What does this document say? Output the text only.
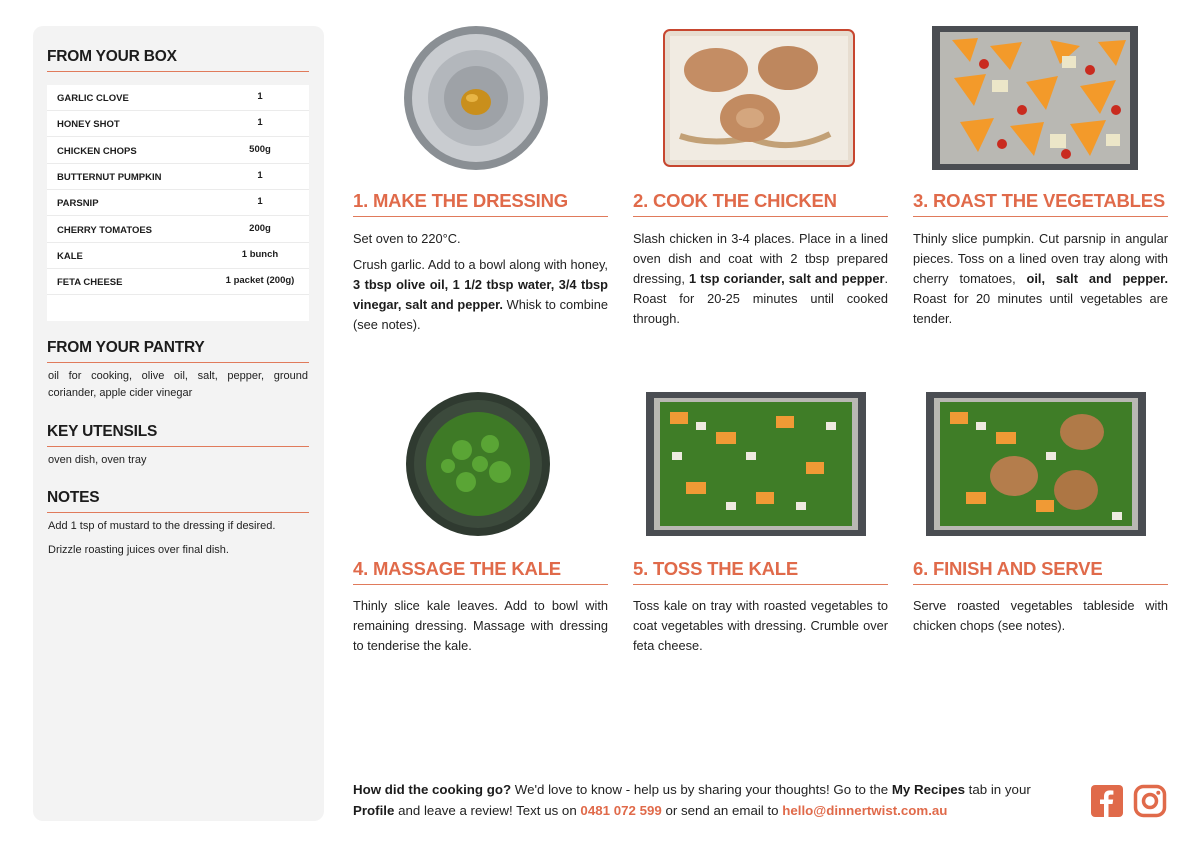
FROM YOUR BOX
GARLIC CLOVE	1
HONEY SHOT	1
CHICKEN CHOPS	500g
BUTTERNUT PUMPKIN	1
PARSNIP	1
CHERRY TOMATOES	200g
KALE	1 bunch
FETA CHEESE	1 packet (200g)
FROM YOUR PANTRY
oil for cooking, olive oil, salt, pepper, ground coriander, apple cider vinegar
KEY UTENSILS
oven dish, oven tray
NOTES
Add 1 tsp of mustard to the dressing if desired.
Drizzle roasting juices over final dish.
1. MAKE THE DRESSING

Set oven to 220°C.

Crush garlic. Add to a bowl along with honey, 3 tbsp olive oil, 1 1/2 tbsp water, 3/4 tbsp vinegar, salt and pepper. Whisk to combine (see notes).

2. COOK THE CHICKEN

Slash chicken in 3-4 places. Place in a lined oven dish and coat with 2 tbsp prepared dressing, 1 tsp coriander, salt and pepper. Roast for 20-25 minutes until cooked through.

3. ROAST THE VEGETABLES

Thinly slice pumpkin. Cut parsnip in angular pieces. Toss on a lined oven tray along with cherry tomatoes, oil, salt and pepper. Roast for 20 minutes until vegetables are tender.

4. MASSAGE THE KALE

Thinly slice kale leaves. Add to bowl with remaining dressing. Massage with dressing to tenderise the kale.

5. TOSS THE KALE

Toss kale on tray with roasted vegetables to coat vegetables with dressing. Crumble over feta cheese.

6. FINISH AND SERVE

Serve roasted vegetables tableside with chicken chops (see notes).

How did the cooking go? We'd love to know - help us by sharing your thoughts! Go to the My Recipes tab in your Profile and leave a review! Text us on 0481 072 599 or send an email to hello@dinnertwist.com.au
